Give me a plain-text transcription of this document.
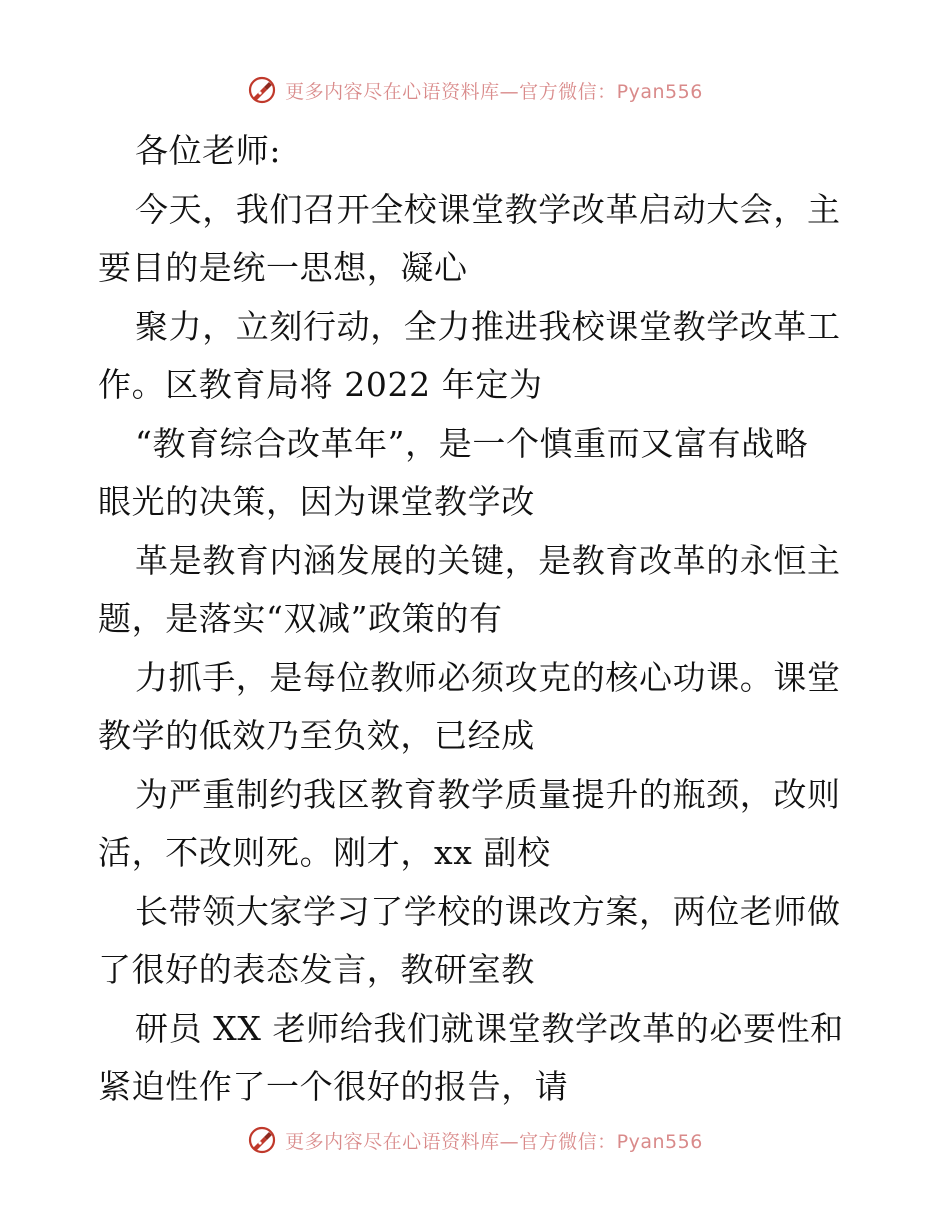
更多内容尽在心语资料库—官方微信：Pyan556
各位老师:
今天，我们召开全校课堂教学改革启动大会，主
要目的是统一思想，凝心
聚力，立刻行动，全力推进我校课堂教学改革工
作。区教育局将 2022 年定为
“教育综合改革年”，是一个慎重而又富有战略
眼光的决策，因为课堂教学改
革是教育内涵发展的关键，是教育改革的永恒主
题，是落实“双减”政策的有
力抓手，是每位教师必须攻克的核心功课。课堂
教学的低效乃至负效，已经成
为严重制约我区教育教学质量提升的瓶颈，改则
活，不改则死。刚才，xx 副校
长带领大家学习了学校的课改方案，两位老师做
了很好的表态发言，教研室教
研员 XX 老师给我们就课堂教学改革的必要性和
紧迫性作了一个很好的报告，请
更多内容尽在心语资料库—官方微信：Pyan556
